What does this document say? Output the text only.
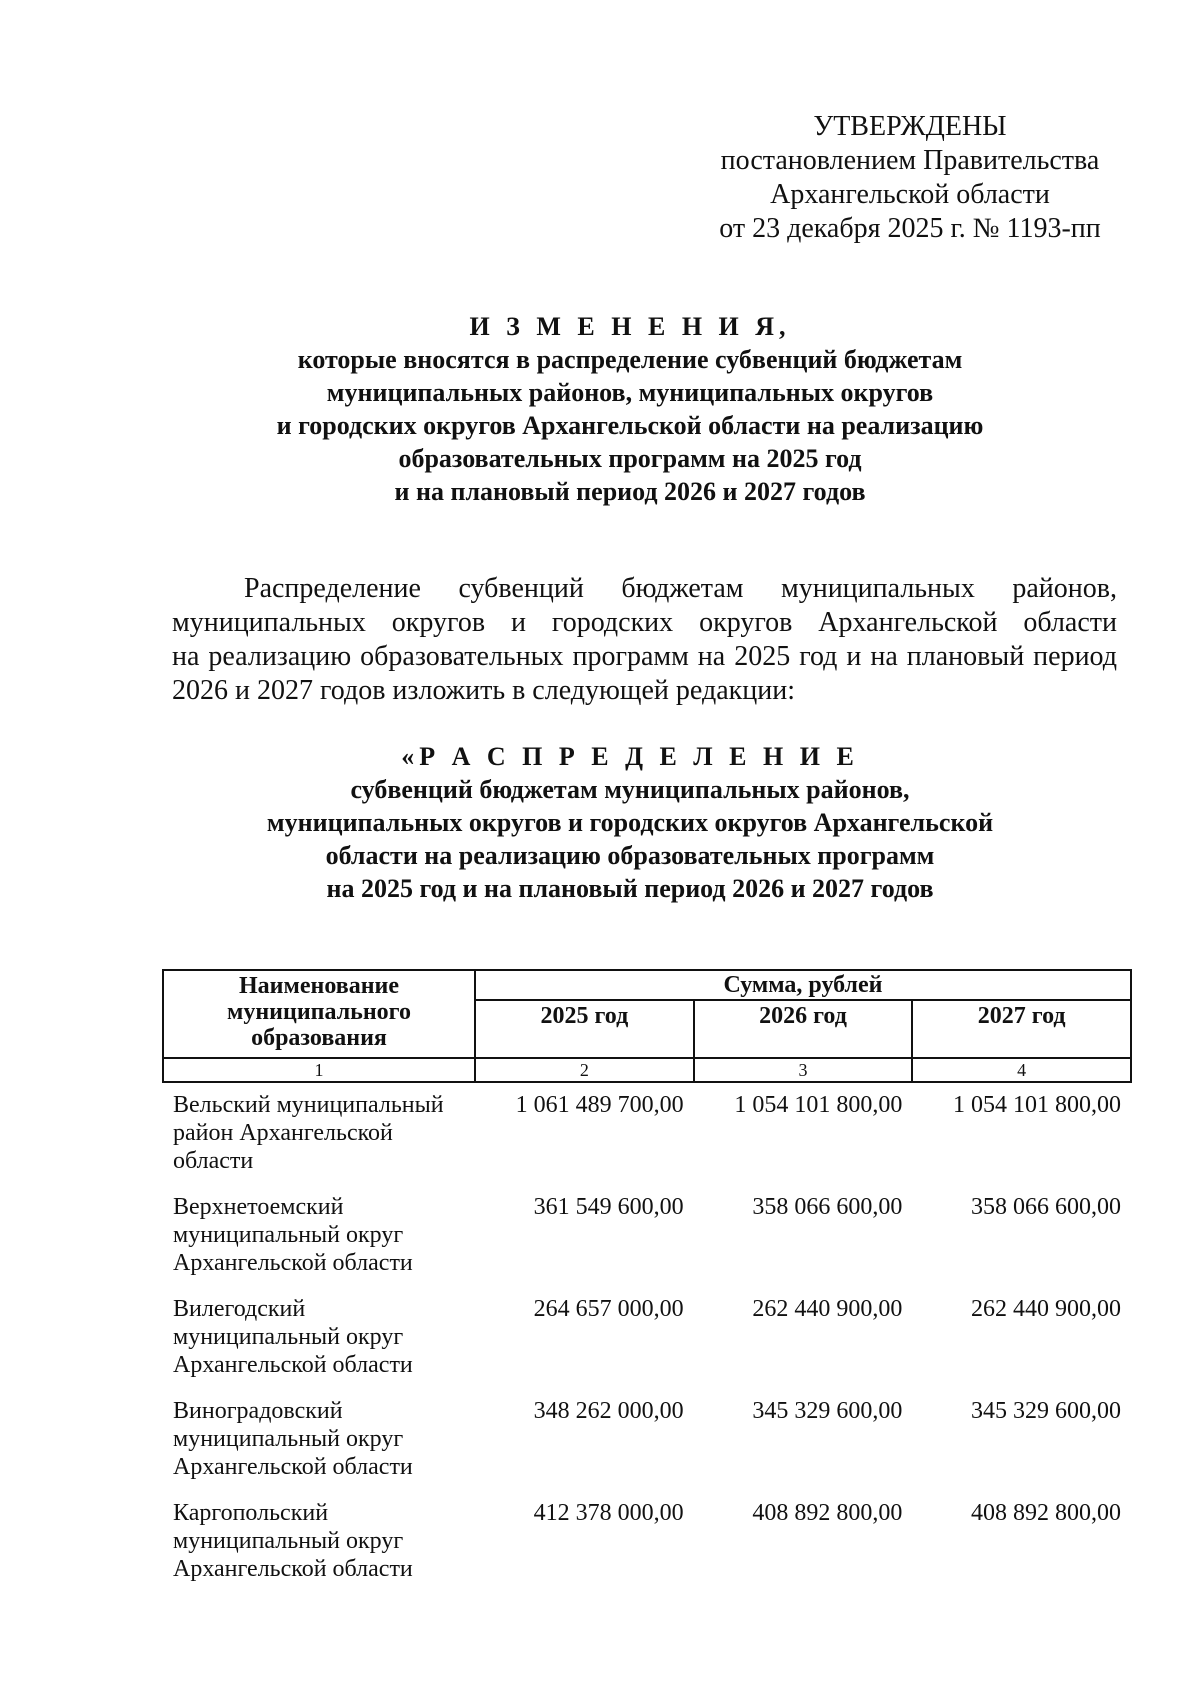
УТВЕРЖДЕНЫ
постановлением Правительства
Архангельской области
от 23 декабря 2025 г. № 1193-пп
И З М Е Н Е Н И Я,
которые вносятся в распределение субвенций бюджетам
муниципальных районов, муниципальных округов
и городских округов Архангельской области на реализацию
образовательных программ на 2025 год
и на плановый период 2026 и 2027 годов

Распределение субвенций бюджетам муниципальных районов,

муниципальных округов и городских округов Архангельской области

на реализацию образовательных программ на 2025 год и на плановый период

2026 и 2027 годов изложить в следующей редакции:

«Р А С П Р Е Д Е Л Е Н И Е
субвенций бюджетам муниципальных районов,
муниципальных округов и городских округов Архангельской
области на реализацию образовательных программ
на 2025 год и на плановый период 2026 и 2027 годов
Наименование муниципального образования	Сумма, рублей		
	2025 год	2026 год	2027 год
1	2	3	4
Вельский муниципальный район Архангельской области	1 061 489 700,00	1 054 101 800,00	1 054 101 800,00
Верхнетоемский муниципальный округ Архангельской области	361 549 600,00	358 066 600,00	358 066 600,00
Вилегодский муниципальный округ Архангельской области	264 657 000,00	262 440 900,00	262 440 900,00
Виноградовский муниципальный округ Архангельской области	348 262 000,00	345 329 600,00	345 329 600,00
Каргопольский муниципальный округ Архангельской области	412 378 000,00	408 892 800,00	408 892 800,00
